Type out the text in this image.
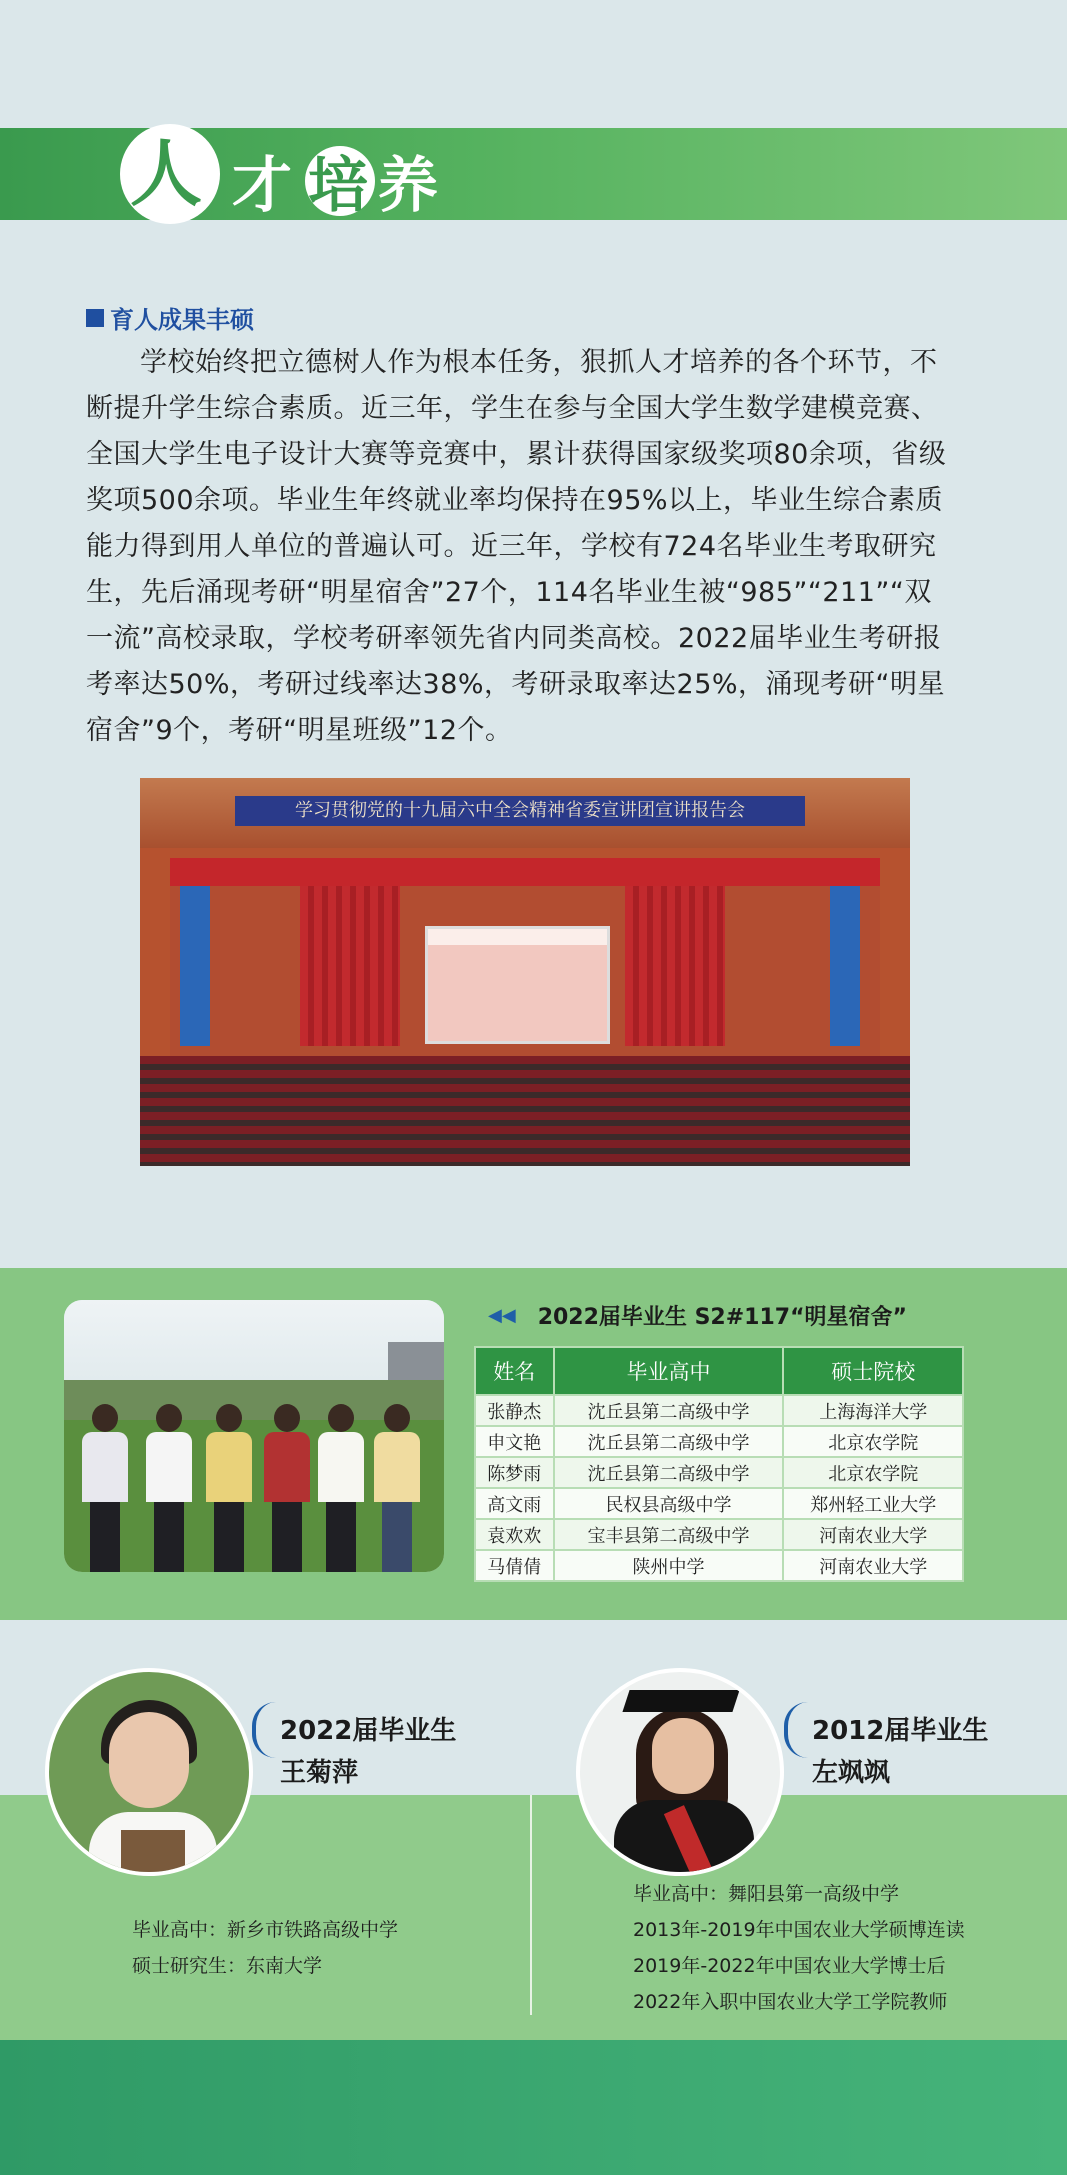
人 才 培 养
育人成果丰硕

学校始终把立德树人作为根本任务，狠抓人才培养的各个环节，不断提升学生综合素质。近三年，学生在参与全国大学生数学建模竞赛、全国大学生电子设计大赛等竞赛中，累计获得国家级奖项80余项，省级奖项500余项。毕业生年终就业率均保持在95%以上，毕业生综合素质能力得到用人单位的普遍认可。近三年，学校有724名毕业生考取研究生，先后涌现考研“明星宿舍”27个，114名毕业生被“985”“211”“双一流”高校录取，学校考研率领先省内同类高校。2022届毕业生考研报考率达50%，考研过线率达38%，考研录取率达25%，涌现考研“明星宿舍”9个，考研“明星班级”12个。

学习贯彻党的十九届六中全会精神省委宣讲团宣讲报告会
◀◀ 2022届毕业生 S2#117“明星宿舍”
姓名	毕业高中	硕士院校
张静杰	沈丘县第二高级中学	上海海洋大学
申文艳	沈丘县第二高级中学	北京农学院
陈梦雨	沈丘县第二高级中学	北京农学院
高文雨	民权县高级中学	郑州轻工业大学
袁欢欢	宝丰县第二高级中学	河南农业大学
马倩倩	陕州中学	河南农业大学
2022届毕业生
王菊萍
毕业高中：新乡市铁路高级中学
硕士研究生：东南大学
2012届毕业生
左飒飒
毕业高中：舞阳县第一高级中学
2013年-2019年中国农业大学硕博连读
2019年-2022年中国农业大学博士后
2022年入职中国农业大学工学院教师
